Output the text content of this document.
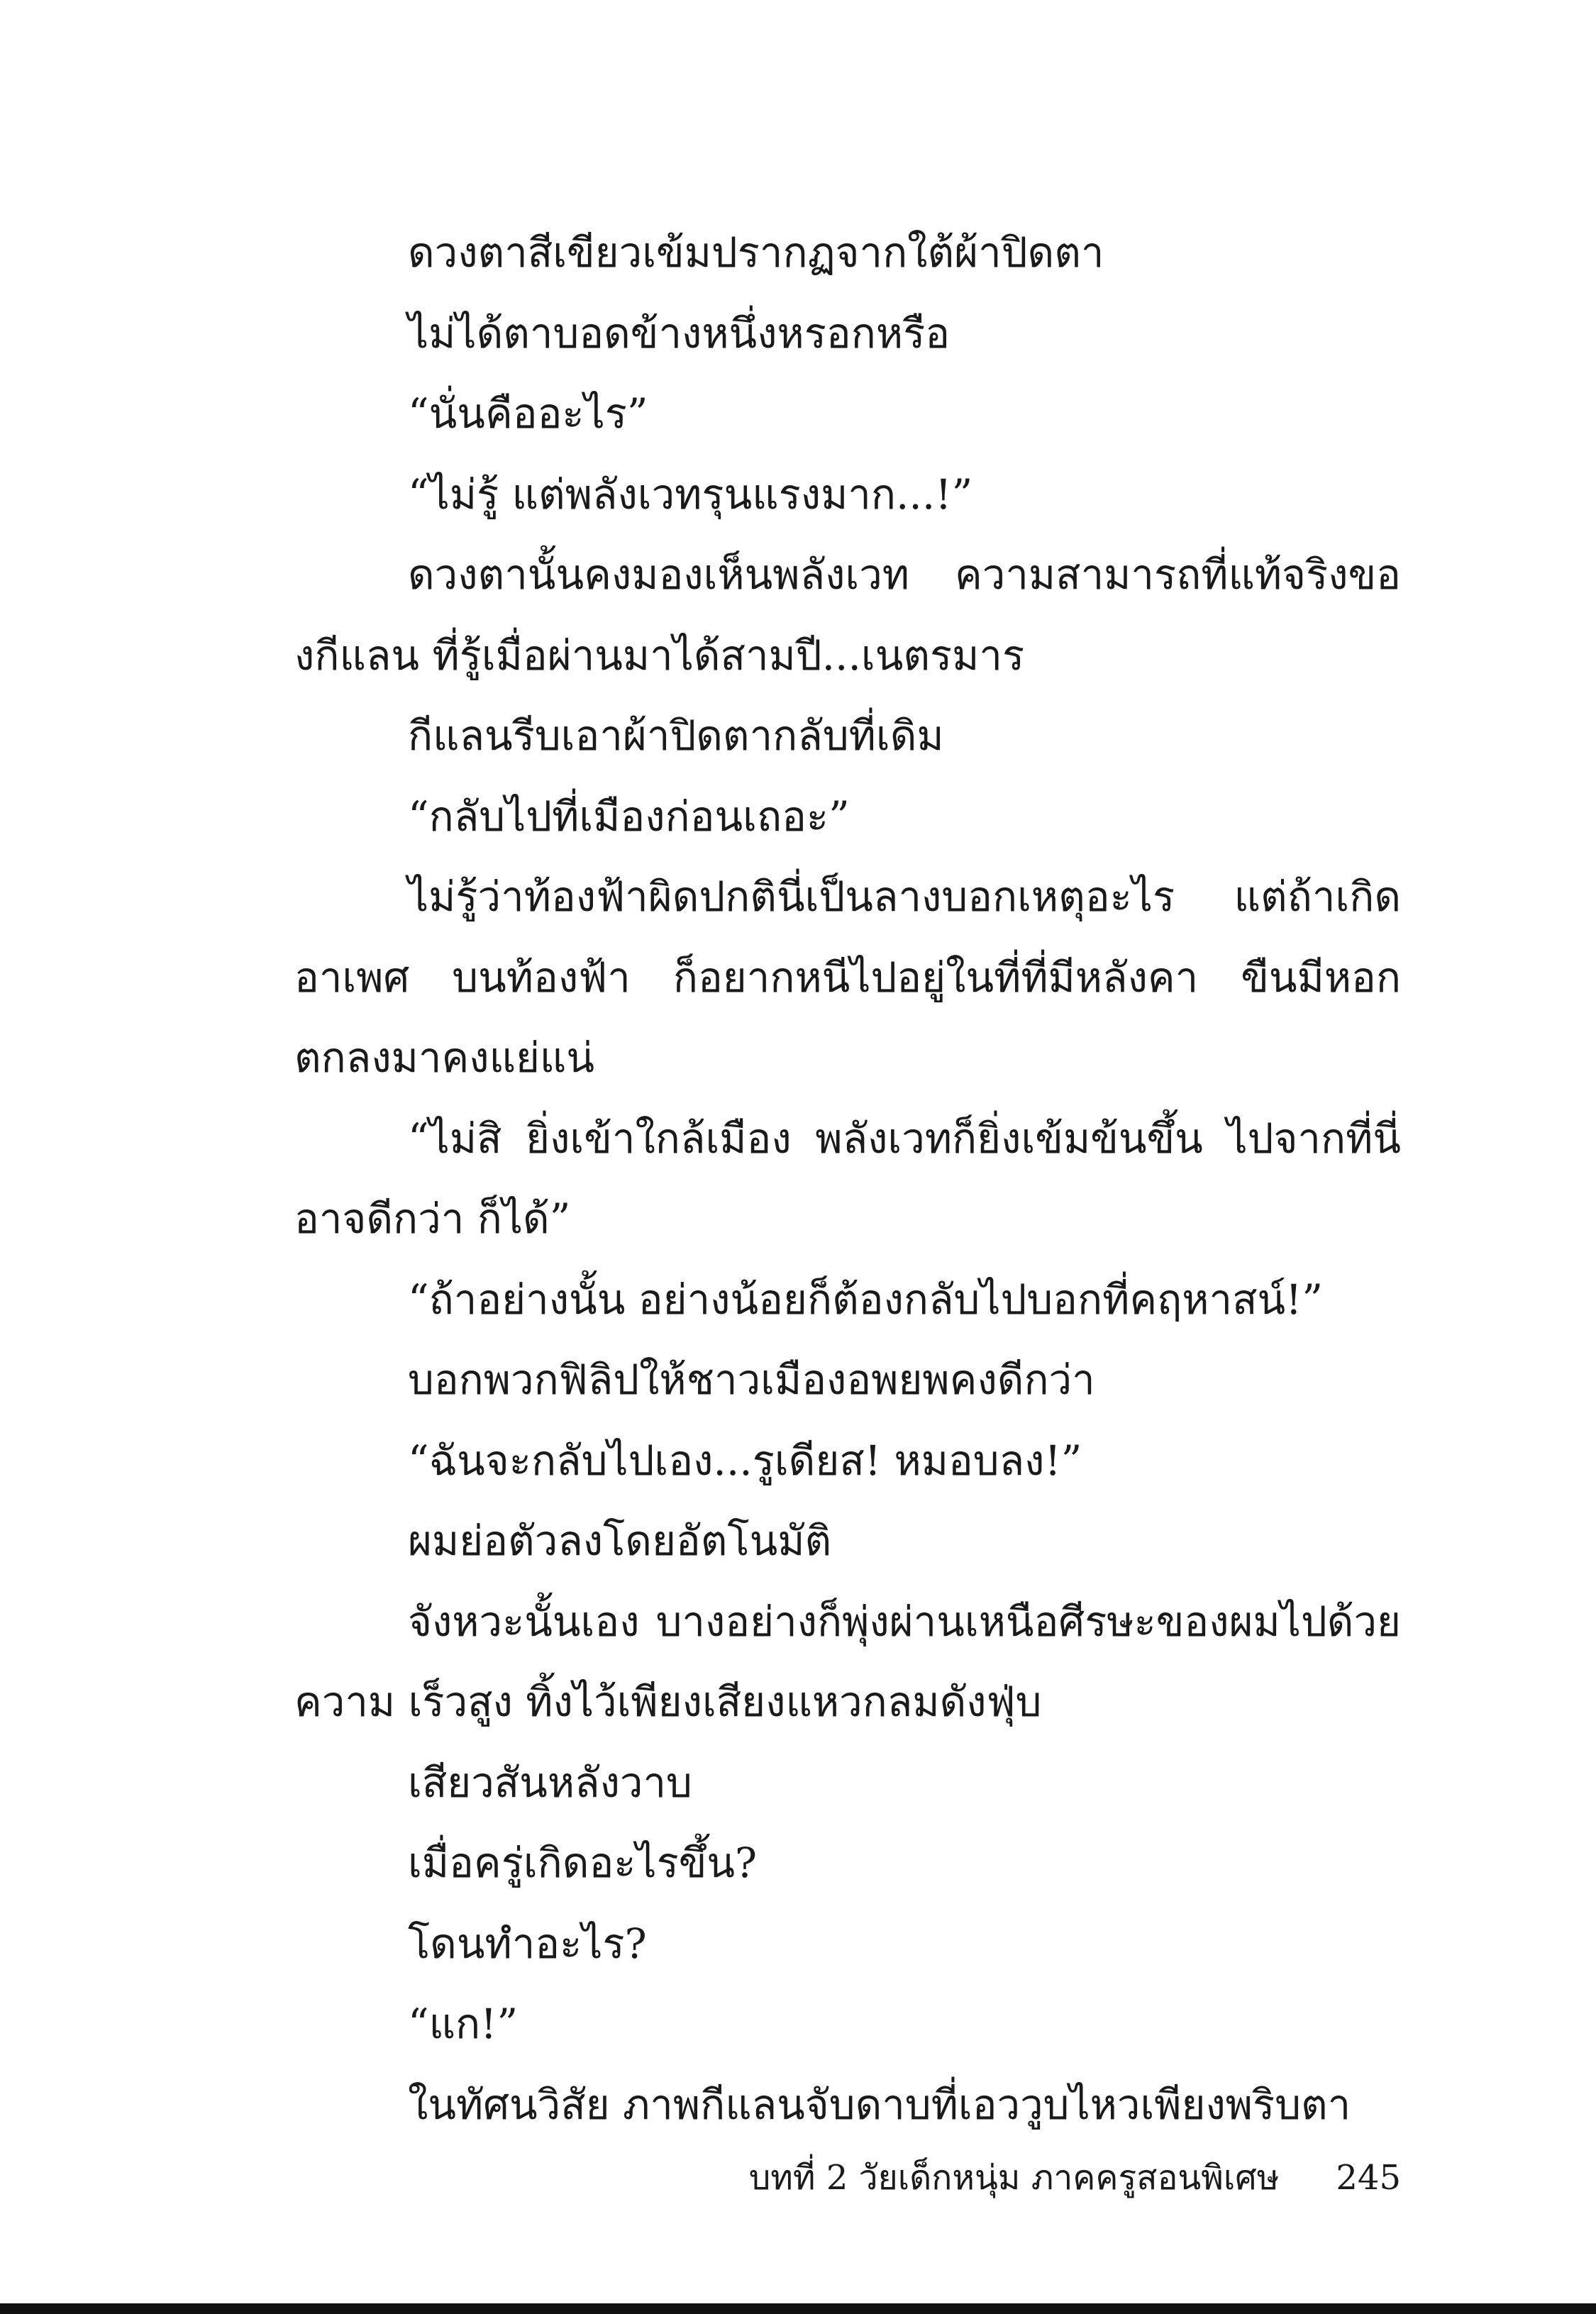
ดวงตาสีเขียวเข้มปรากฏจากใต้ผ้าปิดตา

ไม่ได้ตาบอดข้างหนึ่งหรอกหรือ

“นั่นคืออะไร”

“ไม่รู้ แต่พลังเวทรุนแรงมาก...!”

ดวงตานั้นคงมองเห็นพลังเวท ความสามารถที่แท้จริงของกีแลน ที่รู้เมื่อผ่านมาได้สามปี...เนตรมาร

กีแลนรีบเอาผ้าปิดตากลับที่เดิม

“กลับไปที่เมืองก่อนเถอะ”

ไม่รู้ว่าท้องฟ้าผิดปกตินี่เป็นลางบอกเหตุอะไร แต่ถ้าเกิดอาเพศ บนท้องฟ้า ก็อยากหนีไปอยู่ในที่ที่มีหลังคา ขืนมีหอกตกลงมาคงแย่แน่

“ไม่สิ ยิ่งเข้าใกล้เมือง พลังเวทก็ยิ่งเข้มข้นขึ้น ไปจากที่นี่อาจดีกว่า ก็ได้”

“ถ้าอย่างนั้น อย่างน้อยก็ต้องกลับไปบอกที่คฤหาสน์!”

บอกพวกฟิลิปให้ชาวเมืองอพยพคงดีกว่า

“ฉันจะกลับไปเอง...รูเดียส! หมอบลง!”

ผมย่อตัวลงโดยอัตโนมัติ

จังหวะนั้นเอง บางอย่างก็พุ่งผ่านเหนือศีรษะของผมไปด้วยความ เร็วสูง ทิ้งไว้เพียงเสียงแหวกลมดังฟุ่บ

เสียวสันหลังวาบ

เมื่อครู่เกิดอะไรขึ้น?

โดนทำอะไร?

“แก!”

ในทัศนวิสัย ภาพกีแลนจับดาบที่เอววูบไหวเพียงพริบตา

บทที่ 2 วัยเด็กหนุ่ม ภาคครูสอนพิเศษ 245
